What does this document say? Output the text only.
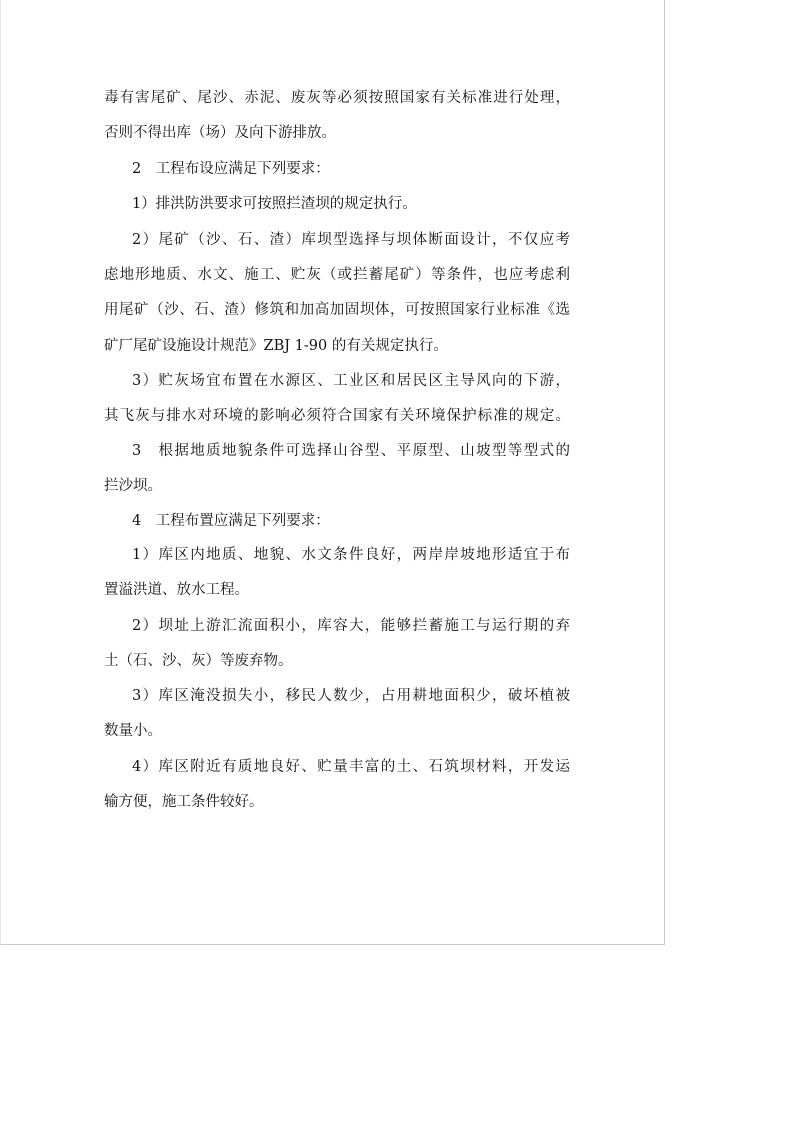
毒有害尾矿、尾沙、赤泥、废灰等必须按照国家有关标准进行处理，
否则不得出库（场）及向下游排放。
2　工程布设应满足下列要求：
1）排洪防洪要求可按照拦渣坝的规定执行。
2）尾矿（沙、石、渣）库坝型选择与坝体断面设计，不仅应考
虑地形地质、水文、施工、贮灰（或拦蓄尾矿）等条件，也应考虑利
用尾矿（沙、石、渣）修筑和加高加固坝体，可按照国家行业标准《选
矿厂尾矿设施设计规范》ZBJ 1-90 的有关规定执行。
3）贮灰场宜布置在水源区、工业区和居民区主导风向的下游，
其飞灰与排水对环境的影响必须符合国家有关环境保护标准的规定。
3　根据地质地貌条件可选择山谷型、平原型、山坡型等型式的
拦沙坝。
4　工程布置应满足下列要求：
1）库区内地质、地貌、水文条件良好，两岸岸坡地形适宜于布
置溢洪道、放水工程。
2）坝址上游汇流面积小，库容大，能够拦蓄施工与运行期的弃
土（石、沙、灰）等废弃物。
3）库区淹没损失小，移民人数少，占用耕地面积少，破坏植被
数量小。
4）库区附近有质地良好、贮量丰富的土、石筑坝材料，开发运
输方便，施工条件较好。
